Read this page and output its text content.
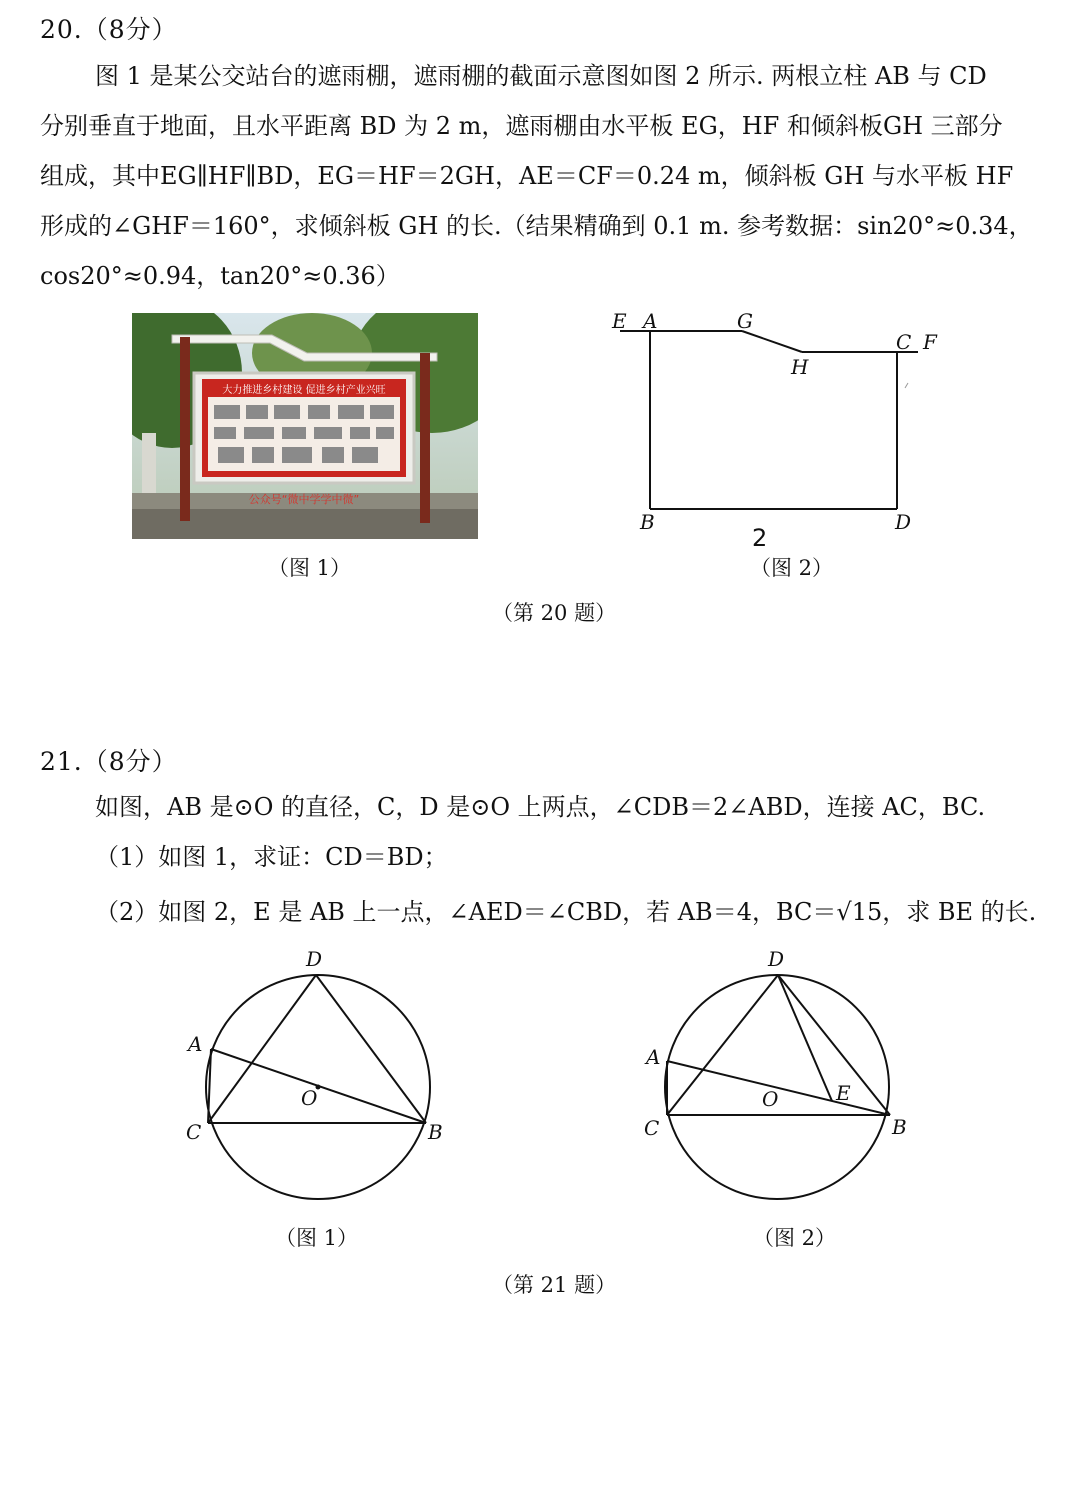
20.（8分）
图 1 是某公交站台的遮雨棚，遮雨棚的截面示意图如图 2 所示. 两根立柱 AB 与 CD
分别垂直于地面，且水平距离 BD 为 2 m，遮雨棚由水平板 EG，HF 和倾斜板GH 三部分
组成，其中EG∥HF∥BD，EG＝HF＝2GH，AE＝CF＝0.24 m，倾斜板 GH 与水平板 HF
形成的∠GHF＝160°，求倾斜板 GH 的长.（结果精确到 0.1 m. 参考数据：sin20°≈0.34，
cos20°≈0.94，tan20°≈0.36）
大力推进乡村建设 促进乡村产业兴旺
公众号“微中学学中微”
E A	G
H
C F
B	D
2
（图 1）	（图 2）
（第 20 题）
21.（8分）
如图，AB 是⊙O 的直径，C，D 是⊙O 上两点，∠CDB＝2∠ABD，连接 AC，BC.
（1）如图 1，求证：CD＝BD；
（2）如图 2，E 是 AB 上一点，∠AED＝∠CBD，若 AB＝4，BC＝√15，求 BE 的长.
D
A
O
C	B
D
A
O	E
C	B
（图 1）	（图 2）
（第 21 题）
